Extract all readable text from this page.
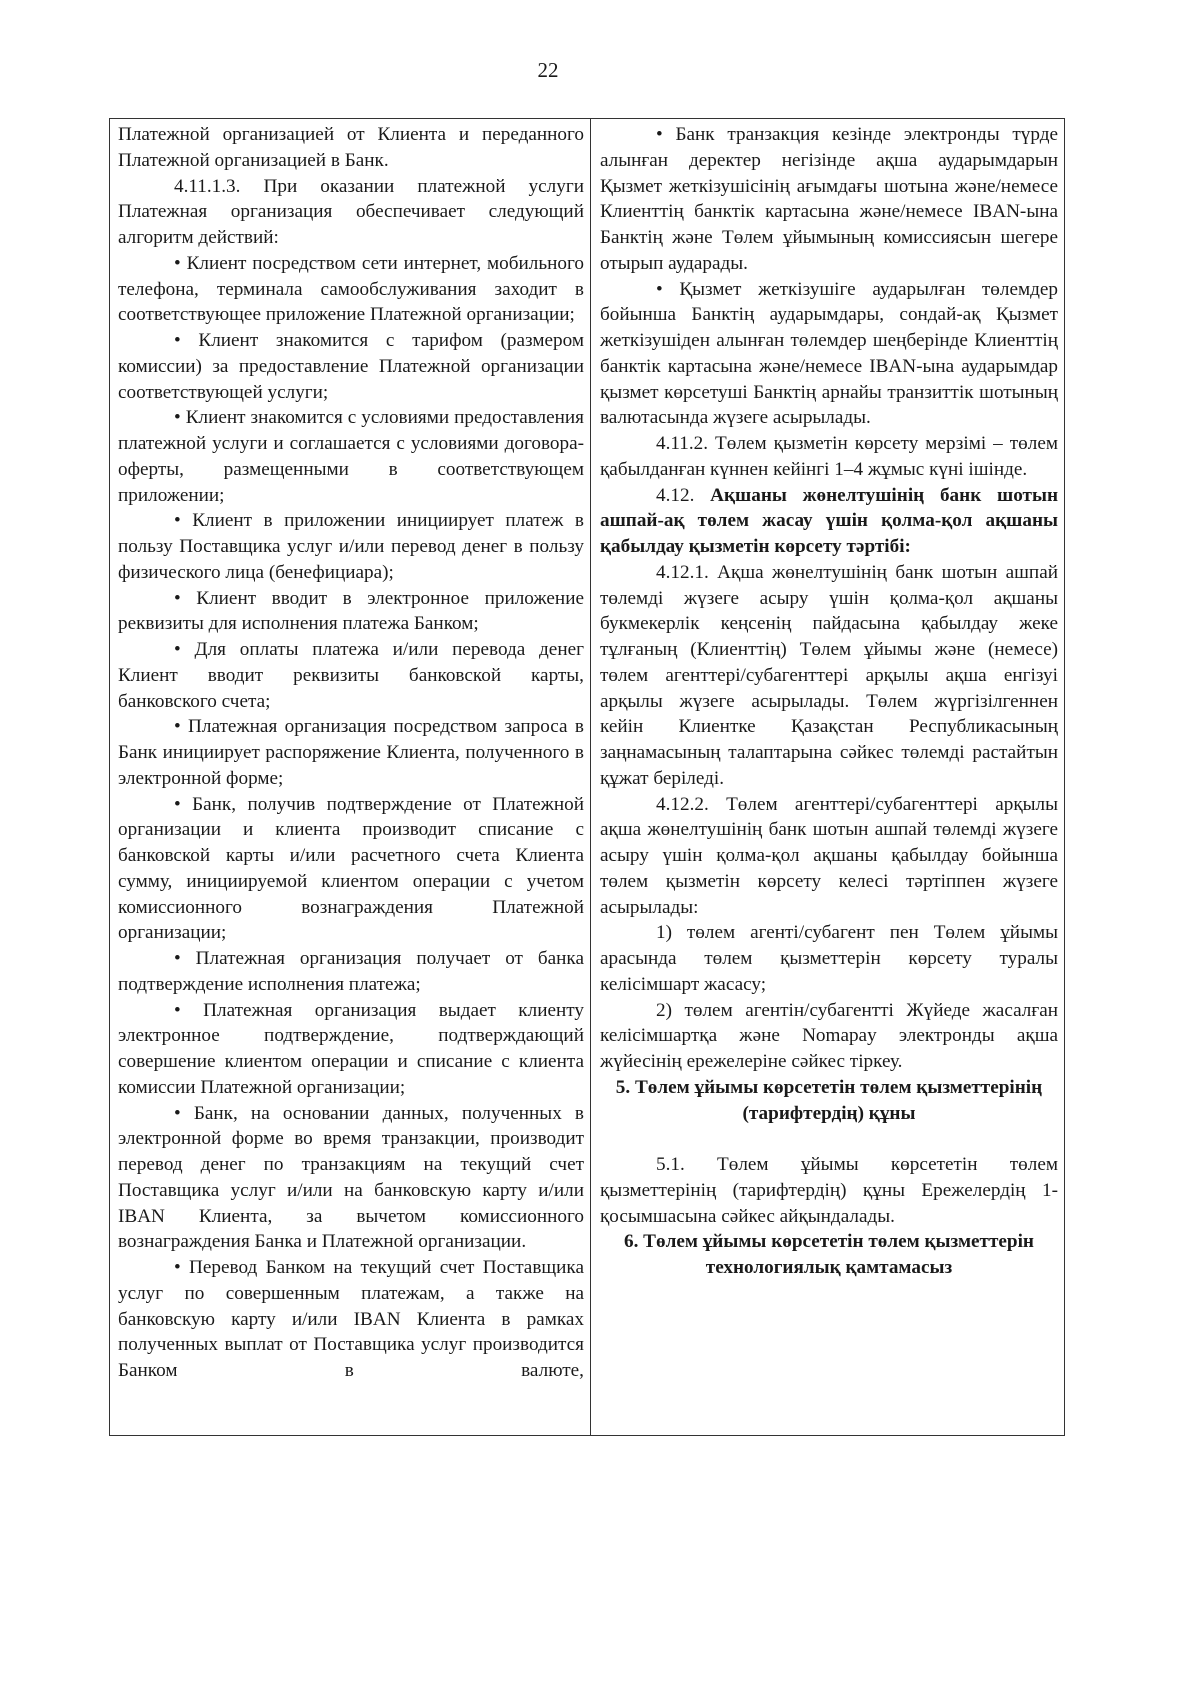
22

Платежной организацией от Клиента и переданного Платежной организацией в Банк.

4.11.1.3. При оказании платежной услуги Платежная организация обеспечивает следующий алгоритм действий:

• Клиент посредством сети интернет, мобильного телефона, терминала самообслуживания заходит в соответствующее приложение Платежной организации;

• Клиент знакомится с тарифом (размером комиссии) за предоставление Платежной организации соответствующей услуги;

• Клиент знакомится с условиями предоставления платежной услуги и соглашается с условиями договора-оферты, размещенными в соответствующем приложении;

• Клиент в приложении инициирует платеж в пользу Поставщика услуг и/или перевод денег в пользу физического лица (бенефициара);

• Клиент вводит в электронное приложение реквизиты для исполнения платежа Банком;

• Для оплаты платежа и/или перевода денег Клиент вводит реквизиты банковской карты, банковского счета;

• Платежная организация посредством запроса в Банк инициирует распоряжение Клиента, полученного в электронной форме;

• Банк, получив подтверждение от Платежной организации и клиента производит списание с банковской карты и/или расчетного счета Клиента сумму, инициируемой клиентом операции с учетом комиссионного вознаграждения Платежной организации;

• Платежная организация получает от банка подтверждение исполнения платежа;

• Платежная организация выдает клиенту электронное подтверждение, подтверждающий совершение клиентом операции и списание с клиента комиссии Платежной организации;

• Банк, на основании данных, полученных в электронной форме во время транзакции, производит перевод денег по транзакциям на текущий счет Поставщика услуг и/или на банковскую карту и/или IBAN Клиента, за вычетом комиссионного вознаграждения Банка и Платежной организации.

• Перевод Банком на текущий счет Поставщика услуг по совершенным платежам, а также на банковскую карту и/или IBAN Клиента в рамках полученных выплат от Поставщика услуг производится Банком в валюте,

• Банк транзакция кезінде электронды түрде алынған деректер негізінде ақша аударымдарын Қызмет жеткізушісінің ағымдағы шотына және/немесе Клиенттің банктік картасына және/немесе IBAN-ына Банктің және Төлем ұйымының комиссиясын шегере отырып аударады.

• Қызмет жеткізушіге аударылған төлемдер бойынша Банктің аударымдары, сондай-ақ Қызмет жеткізушіден алынған төлемдер шеңберінде Клиенттің банктік картасына және/немесе IBAN-ына аударымдар қызмет көрсетуші Банктің арнайы транзиттік шотының валютасында жүзеге асырылады.

4.11.2. Төлем қызметін көрсету мерзімі – төлем қабылданған күннен кейінгі 1–4 жұмыс күні ішінде.

4.12. Ақшаны жөнелтушінің банк шотын ашпай-ақ төлем жасау үшін қолма-қол ақшаны қабылдау қызметін көрсету тәртібі:

4.12.1. Ақша жөнелтушінің банк шотын ашпай төлемді жүзеге асыру үшін қолма-қол ақшаны букмекерлік кеңсенің пайдасына қабылдау жеке тұлғаның (Клиенттің) Төлем ұйымы және (немесе) төлем агенттері/субагенттері арқылы ақша енгізуі арқылы жүзеге асырылады. Төлем жүргізілгеннен кейін Клиентке Қазақстан Республикасының заңнамасының талаптарына сәйкес төлемді растайтын құжат беріледі.

4.12.2. Төлем агенттері/субагенттері арқылы ақша жөнелтушінің банк шотын ашпай төлемді жүзеге асыру үшін қолма-қол ақшаны қабылдау бойынша төлем қызметін көрсету келесі тәртіппен жүзеге асырылады:

1) төлем агенті/субагент пен Төлем ұйымы арасында төлем қызметтерін көрсету туралы келісімшарт жасасу;

2) төлем агентін/субагентті Жүйеде жасалған келісімшартқа және Nomapay электронды ақша жүйесінің ережелеріне сәйкес тіркеу.

5. Төлем ұйымы көрсететін төлем қызметтерінің (тарифтердің) құны

5.1. Төлем ұйымы көрсететін төлем қызметтерінің (тарифтердің) құны Ережелердің 1-қосымшасына сәйкес айқындалады.

6. Төлем ұйымы көрсететін төлем қызметтерін технологиялық қамтамасыз
